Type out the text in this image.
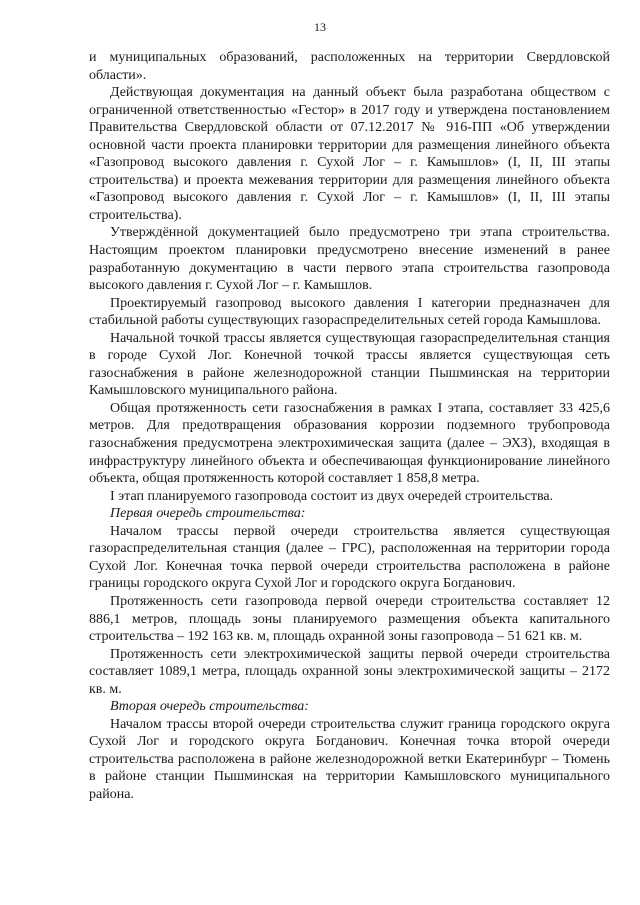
13

и муниципальных образований, расположенных на территории Свердловской области».

Действующая документация на данный объект была разработана обществом с ограниченной ответственностью «Гестор» в 2017 году и утверждена постановлением Правительства Свердловской области от 07.12.2017 № 916-ПП «Об утверждении основной части проекта планировки территории для размещения линейного объекта «Газопровод высокого давления г. Сухой Лог – г. Камышлов» (I, II, III этапы строительства) и проекта межевания территории для размещения линейного объекта «Газопровод высокого давления г. Сухой Лог – г. Камышлов» (I, II, III этапы строительства).

Утверждённой документацией было предусмотрено три этапа строительства. Настоящим проектом планировки предусмотрено внесение изменений в ранее разработанную документацию в части первого этапа строительства газопровода высокого давления г. Сухой Лог – г. Камышлов.

Проектируемый газопровод высокого давления I категории предназначен для стабильной работы существующих газораспределительных сетей города Камышлова.

Начальной точкой трассы является существующая газораспределительная станция в городе Сухой Лог. Конечной точкой трассы является существующая сеть газоснабжения в районе железнодорожной станции Пышминская на территории Камышловского муниципального района.

Общая протяженность сети газоснабжения в рамках I этапа, составляет 33 425,6 метров. Для предотвращения образования коррозии подземного трубопровода газоснабжения предусмотрена электрохимическая защита (далее – ЭХЗ), входящая в инфраструктуру линейного объекта и обеспечивающая функционирование линейного объекта, общая протяженность которой составляет 1 858,8 метра.

I этап планируемого газопровода состоит из двух очередей строительства.

Первая очередь строительства:

Началом трассы первой очереди строительства является существующая газораспределительная станция (далее – ГРС), расположенная на территории города Сухой Лог. Конечная точка первой очереди строительства расположена в районе границы городского округа Сухой Лог и городского округа Богданович.

Протяженность сети газопровода первой очереди строительства составляет 12 886,1 метров, площадь зоны планируемого размещения объекта капитального строительства – 192 163 кв. м, площадь охранной зоны газопровода – 51 621 кв. м.

Протяженность сети электрохимической защиты первой очереди строительства составляет 1089,1 метра, площадь охранной зоны электрохимической защиты – 2172 кв. м.

Вторая очередь строительства:

Началом трассы второй очереди строительства служит граница городского округа Сухой Лог и городского округа Богданович. Конечная точка второй очереди строительства расположена в районе железнодорожной ветки Екатеринбург – Тюмень в районе станции Пышминская на территории Камышловского муниципального района.
